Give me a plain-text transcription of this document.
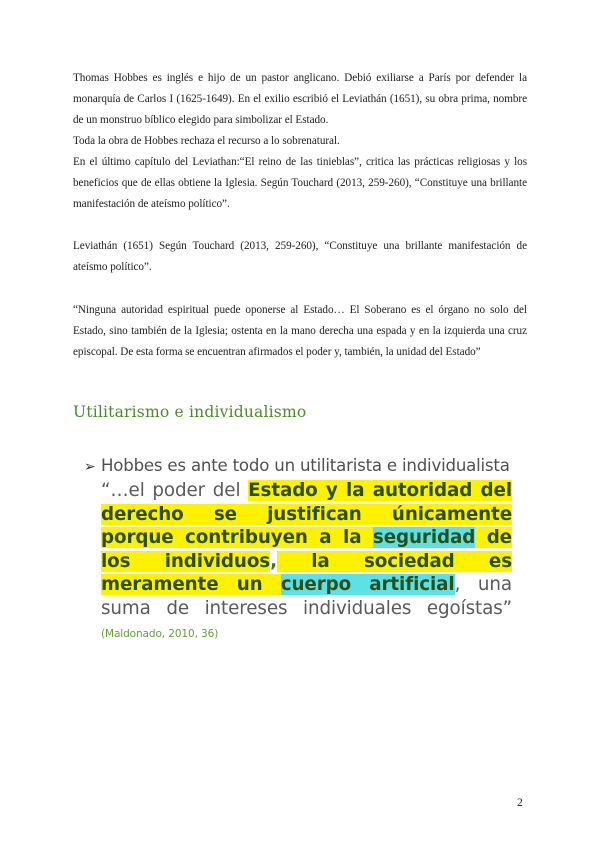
Thomas Hobbes es inglés e hijo de un pastor anglicano. Debió exiliarse a París por defender la monarquía de Carlos I (1625-1649). En el exilio escribió el Leviathán (1651), su obra prima, nombre de un monstruo bíblico elegido para simbolizar el Estado.
Toda la obra de Hobbes rechaza el recurso a lo sobrenatural.
En el último capítulo del Leviathan:“El reino de las tinieblas”, critica las prácticas religiosas y los beneficios que de ellas obtiene la Iglesia. Según Touchard (2013, 259-260), “Constituye una brillante manifestación de ateísmo político”.
Leviathán (1651) Según Touchard (2013, 259-260), “Constituye una brillante manifestación de ateísmo político”.
“Ninguna autoridad espiritual puede oponerse al Estado… El Soberano es el órgano no solo del Estado, sino también de la Iglesia; ostenta en la mano derecha una espada y en la izquierda una cruz episcopal. De esta forma se encuentran afirmados el poder y, también, la unidad del Estado”
Utilitarismo e individualismo
➢ Hobbes es ante todo un utilitarista e individualista
“…el poder del Estado y la autoridad del derecho se justifican únicamente porque contribuyen a la seguridad de los individuos, la sociedad es meramente un cuerpo artificial, una suma de intereses individuales egoístas” (Maldonado, 2010, 36)
2
